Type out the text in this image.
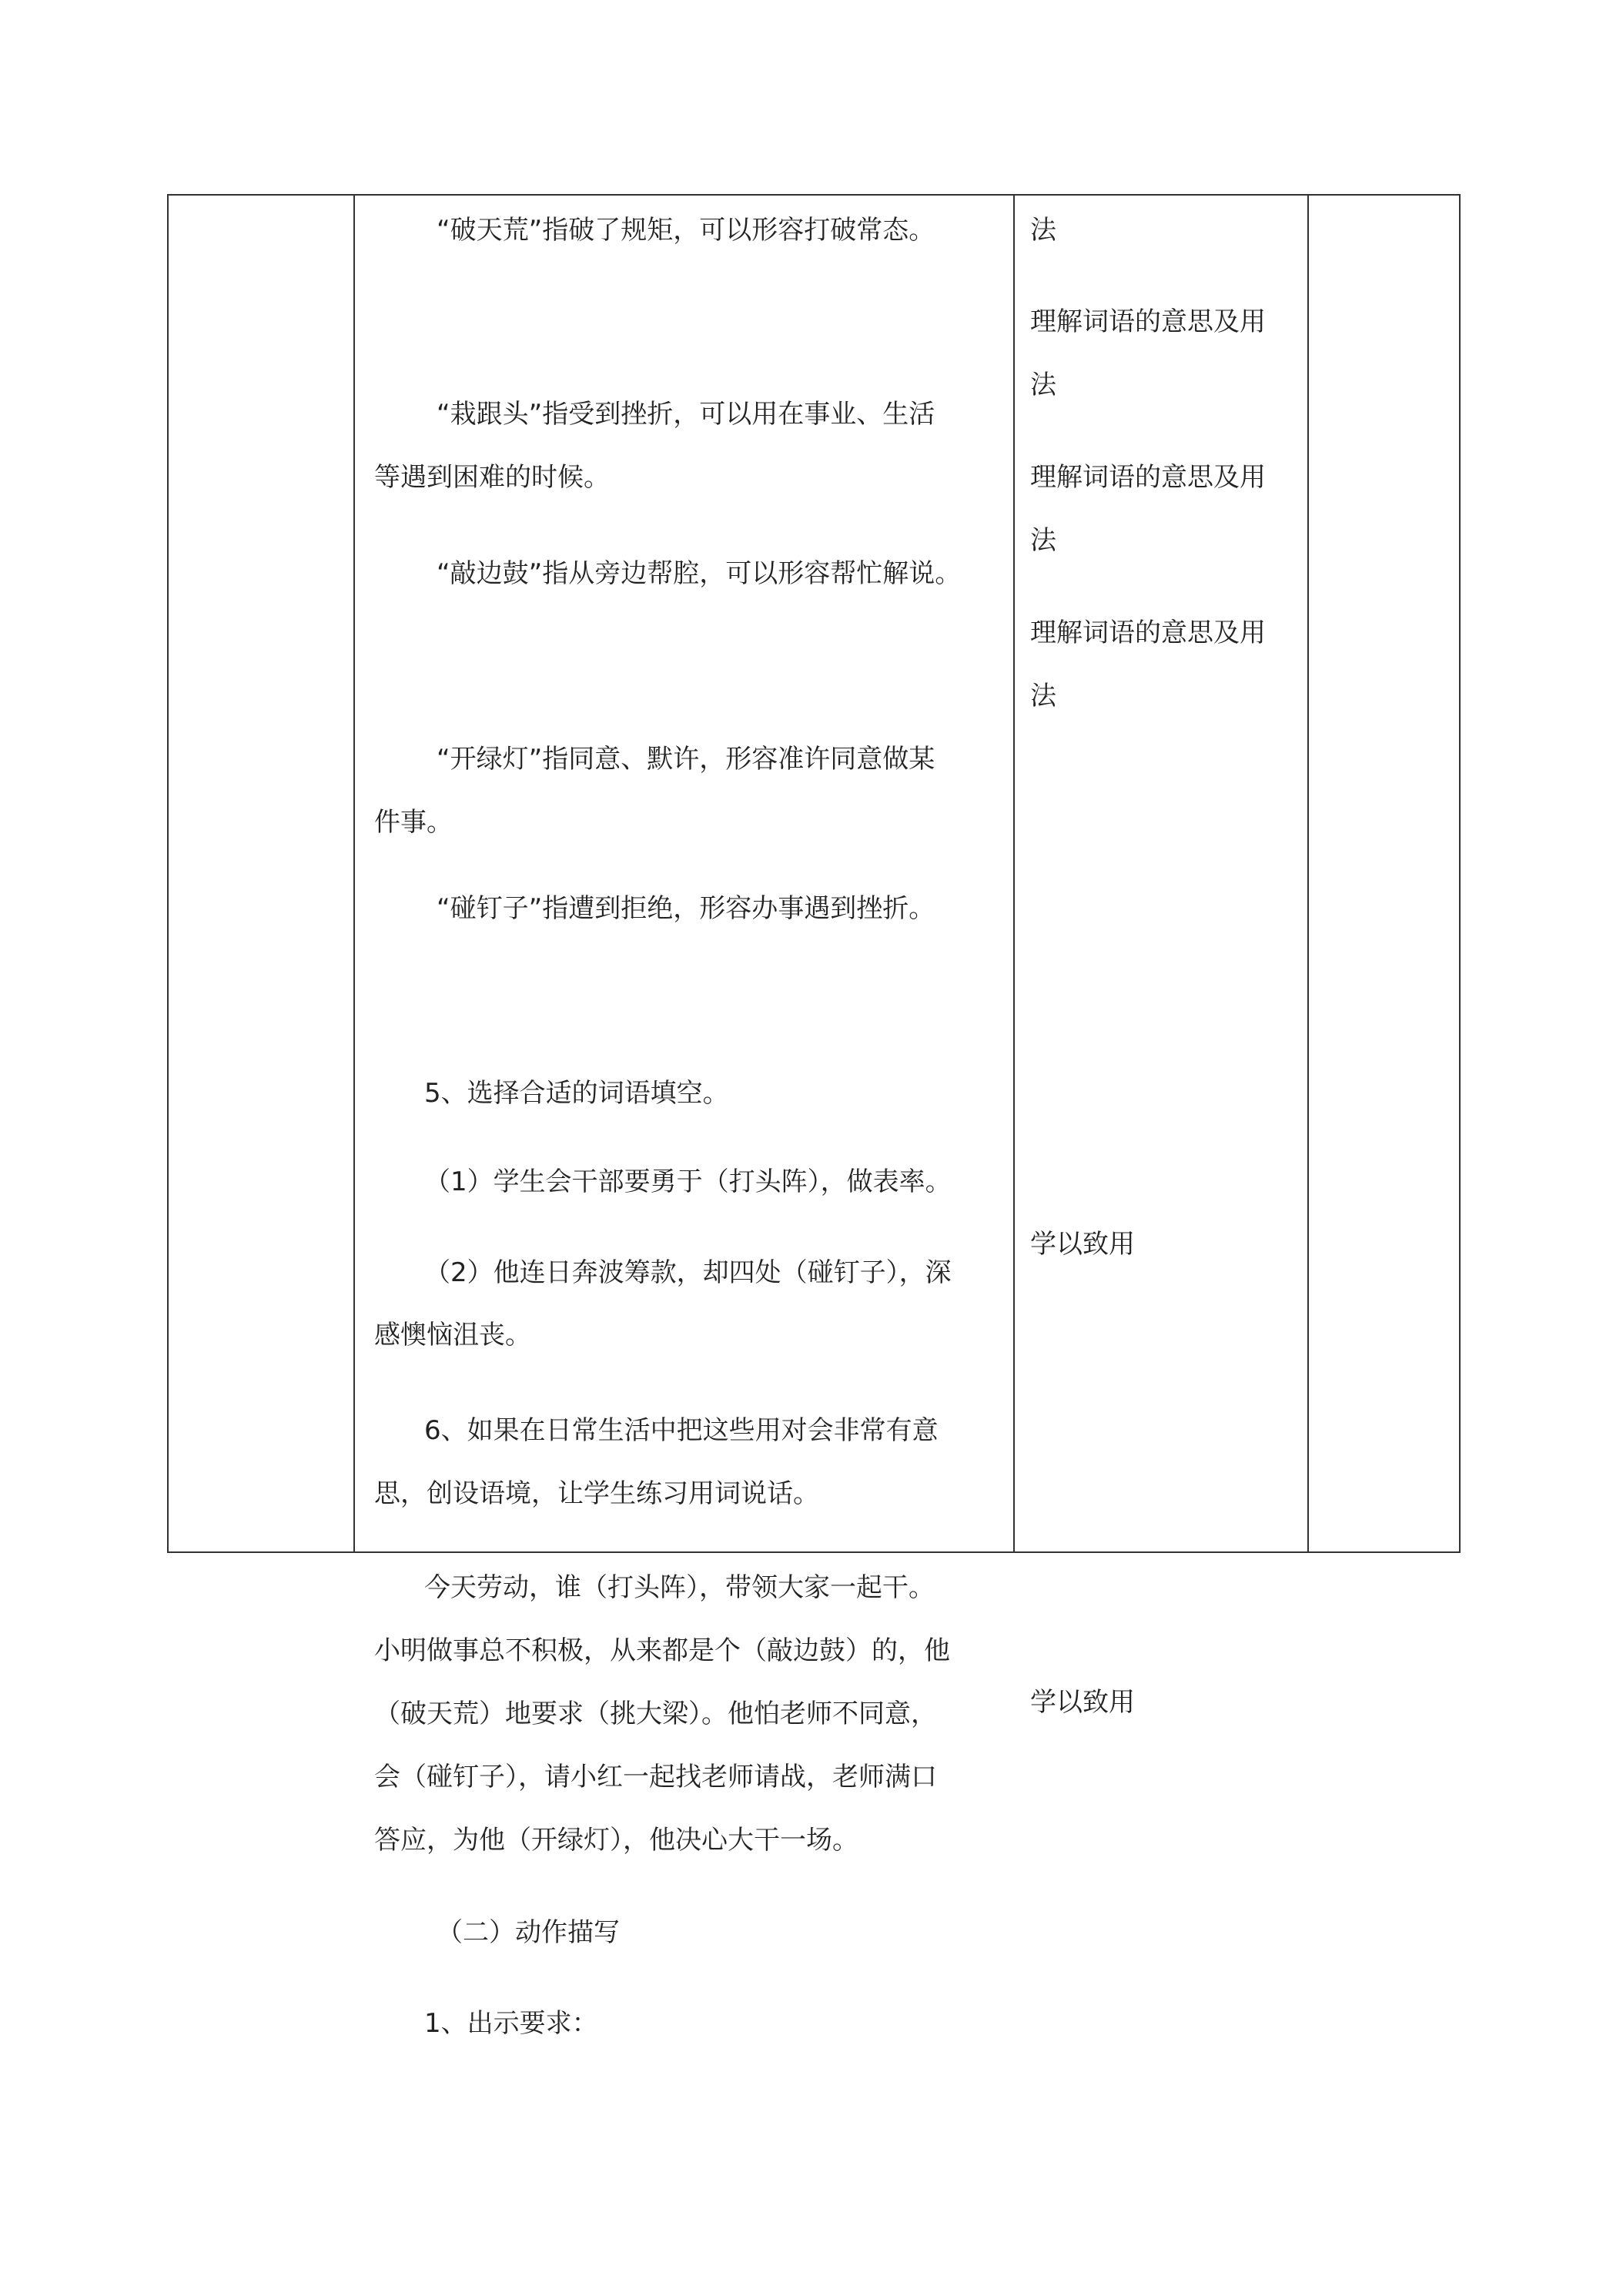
“破天荒”指破了规矩，可以形容打破常态。
“栽跟头”指受到挫折，可以用在事业、生活
等遇到困难的时候。
“敲边鼓”指从旁边帮腔，可以形容帮忙解说。
“开绿灯”指同意、默许，形容准许同意做某
件事。
“碰钉子”指遭到拒绝，形容办事遇到挫折。
5、选择合适的词语填空。
（1）学生会干部要勇于（打头阵），做表率。
（2）他连日奔波筹款，却四处（碰钉子），深
感懊恼沮丧。
6、如果在日常生活中把这些用对会非常有意
思，创设语境，让学生练习用词说话。
今天劳动，谁（打头阵），带领大家一起干。
小明做事总不积极，从来都是个（敲边鼓）的，他
（破天荒）地要求（挑大梁）。他怕老师不同意，
会（碰钉子），请小红一起找老师请战，老师满口
答应，为他（开绿灯），他决心大干一场。
（二）动作描写
1、出示要求：
法
理解词语的意思及用
法
理解词语的意思及用
法
理解词语的意思及用
法
学以致用
学以致用
